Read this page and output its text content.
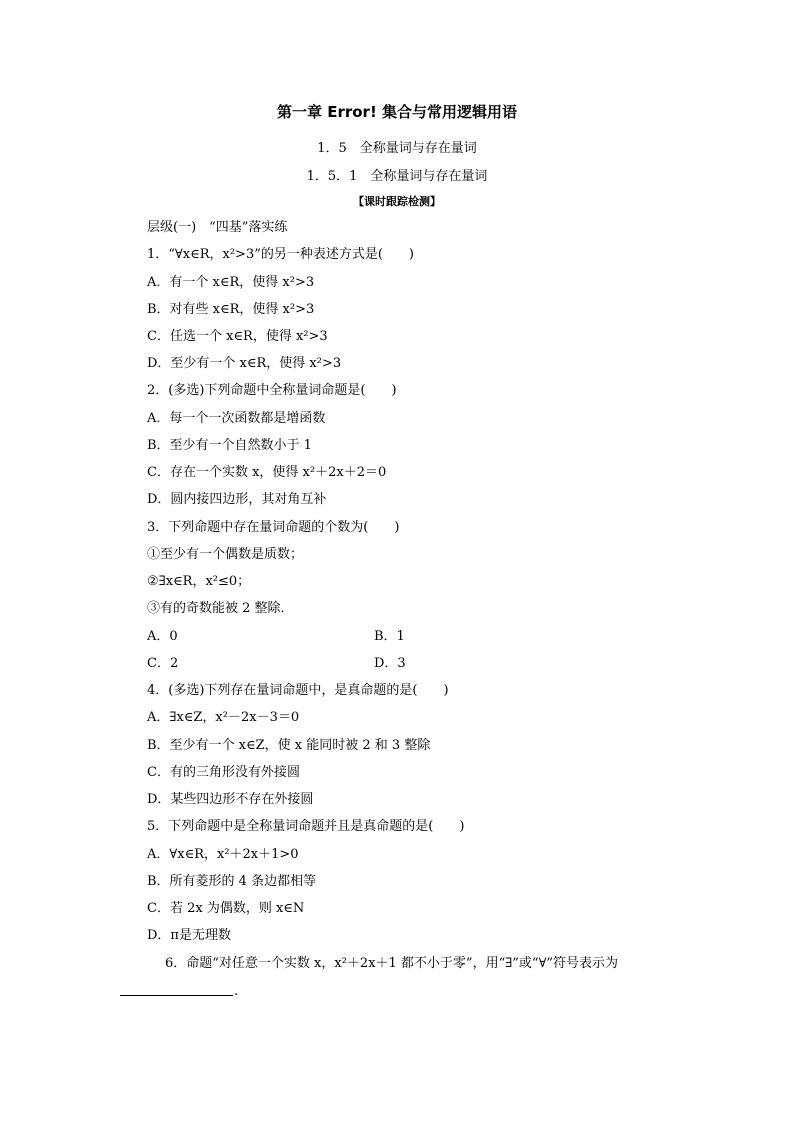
第一章 Error! 集合与常用逻辑用语
1．5　全称量词与存在量词
1．5．1　全称量词与存在量词
【课时跟踪检测】
层级(一)　“四基”落实练
1．“∀x∈R，x²>3”的另一种表述方式是(　　)
A．有一个 x∈R，使得 x²>3
B．对有些 x∈R，使得 x²>3
C．任选一个 x∈R，使得 x²>3
D．至少有一个 x∈R，使得 x²>3
2．(多选)下列命题中全称量词命题是(　　)
A．每一个一次函数都是增函数
B．至少有一个自然数小于 1
C．存在一个实数 x，使得 x²＋2x＋2＝0
D．圆内接四边形，其对角互补
3．下列命题中存在量词命题的个数为(　　)
①至少有一个偶数是质数；
②∃x∈R，x²≤0；
③有的奇数能被 2 整除．
A．0	B．1
C．2	D．3
4．(多选)下列存在量词命题中，是真命题的是(　　)
A．∃x∈Z，x²－2x－3＝0
B．至少有一个 x∈Z，使 x 能同时被 2 和 3 整除
C．有的三角形没有外接圆
D．某些四边形不存在外接圆
5．下列命题中是全称量词命题并且是真命题的是(　　)
A．∀x∈R，x²＋2x＋1>0
B．所有菱形的 4 条边都相等
C．若 2x 为偶数，则 x∈N
D．π是无理数
6．命题“对任意一个实数 x，x²＋2x＋1 都不小于零”，用“∃”或“∀”符号表示为
.
